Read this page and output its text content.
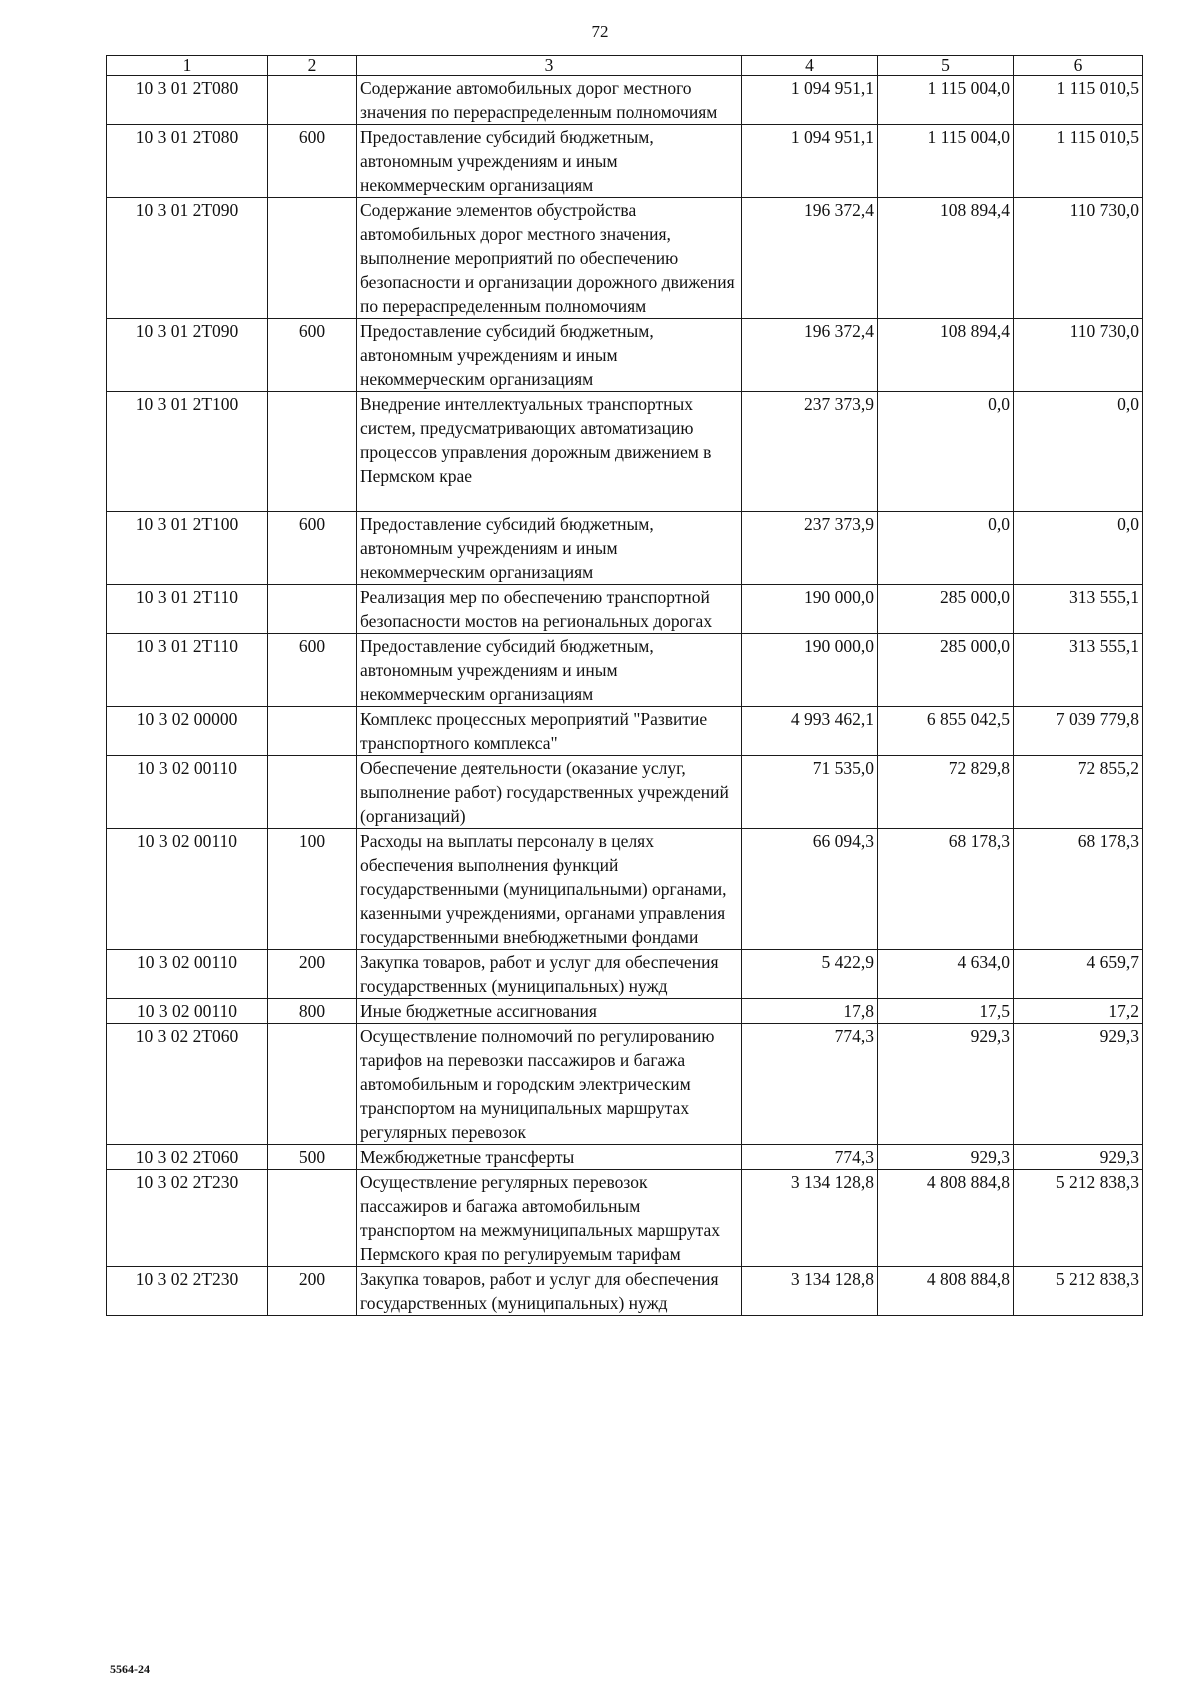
72
1	2	3	4	5	6
10 3 01 2Т080		Содержание автомобильных дорог местного значения по перераспределенным полномочиям	1 094 951,1	1 115 004,0	1 115 010,5
10 3 01 2Т080	600	Предоставление субсидий бюджетным, автономным учреждениям и иным некоммерческим организациям	1 094 951,1	1 115 004,0	1 115 010,5
10 3 01 2Т090		Содержание элементов обустройства автомобильных дорог местного значения, выполнение мероприятий по обеспечению безопасности и организации дорожного движения по перераспределенным полномочиям	196 372,4	108 894,4	110 730,0
10 3 01 2Т090	600	Предоставление субсидий бюджетным, автономным учреждениям и иным некоммерческим организациям	196 372,4	108 894,4	110 730,0
10 3 01 2Т100		Внедрение интеллектуальных транспортных систем, предусматривающих автоматизацию процессов управления дорожным движением в Пермском крае	237 373,9	0,0	0,0
10 3 01 2Т100	600	Предоставление субсидий бюджетным, автономным учреждениям и иным некоммерческим организациям	237 373,9	0,0	0,0
10 3 01 2Т110		Реализация мер по обеспечению транспортной безопасности мостов на региональных дорогах	190 000,0	285 000,0	313 555,1
10 3 01 2Т110	600	Предоставление субсидий бюджетным, автономным учреждениям и иным некоммерческим организациям	190 000,0	285 000,0	313 555,1
10 3 02 00000		Комплекс процессных мероприятий "Развитие транспортного комплекса"	4 993 462,1	6 855 042,5	7 039 779,8
10 3 02 00110		Обеспечение деятельности (оказание услуг, выполнение работ) государственных учреждений (организаций)	71 535,0	72 829,8	72 855,2
10 3 02 00110	100	Расходы на выплаты персоналу в целях обеспечения выполнения функций государственными (муниципальными) органами, казенными учреждениями, органами управления государственными внебюджетными фондами	66 094,3	68 178,3	68 178,3
10 3 02 00110	200	Закупка товаров, работ и услуг для обеспечения государственных (муниципальных) нужд	5 422,9	4 634,0	4 659,7
10 3 02 00110	800	Иные бюджетные ассигнования	17,8	17,5	17,2
10 3 02 2Т060		Осуществление полномочий по регулированию тарифов на перевозки пассажиров и багажа автомобильным и городским электрическим транспортом на муниципальных маршрутах регулярных перевозок	774,3	929,3	929,3
10 3 02 2Т060	500	Межбюджетные трансферты	774,3	929,3	929,3
10 3 02 2Т230		Осуществление регулярных перевозок пассажиров и багажа автомобильным транспортом на межмуниципальных маршрутах Пермского края по регулируемым тарифам	3 134 128,8	4 808 884,8	5 212 838,3
10 3 02 2Т230	200	Закупка товаров, работ и услуг для обеспечения государственных (муниципальных) нужд	3 134 128,8	4 808 884,8	5 212 838,3
5564-24
